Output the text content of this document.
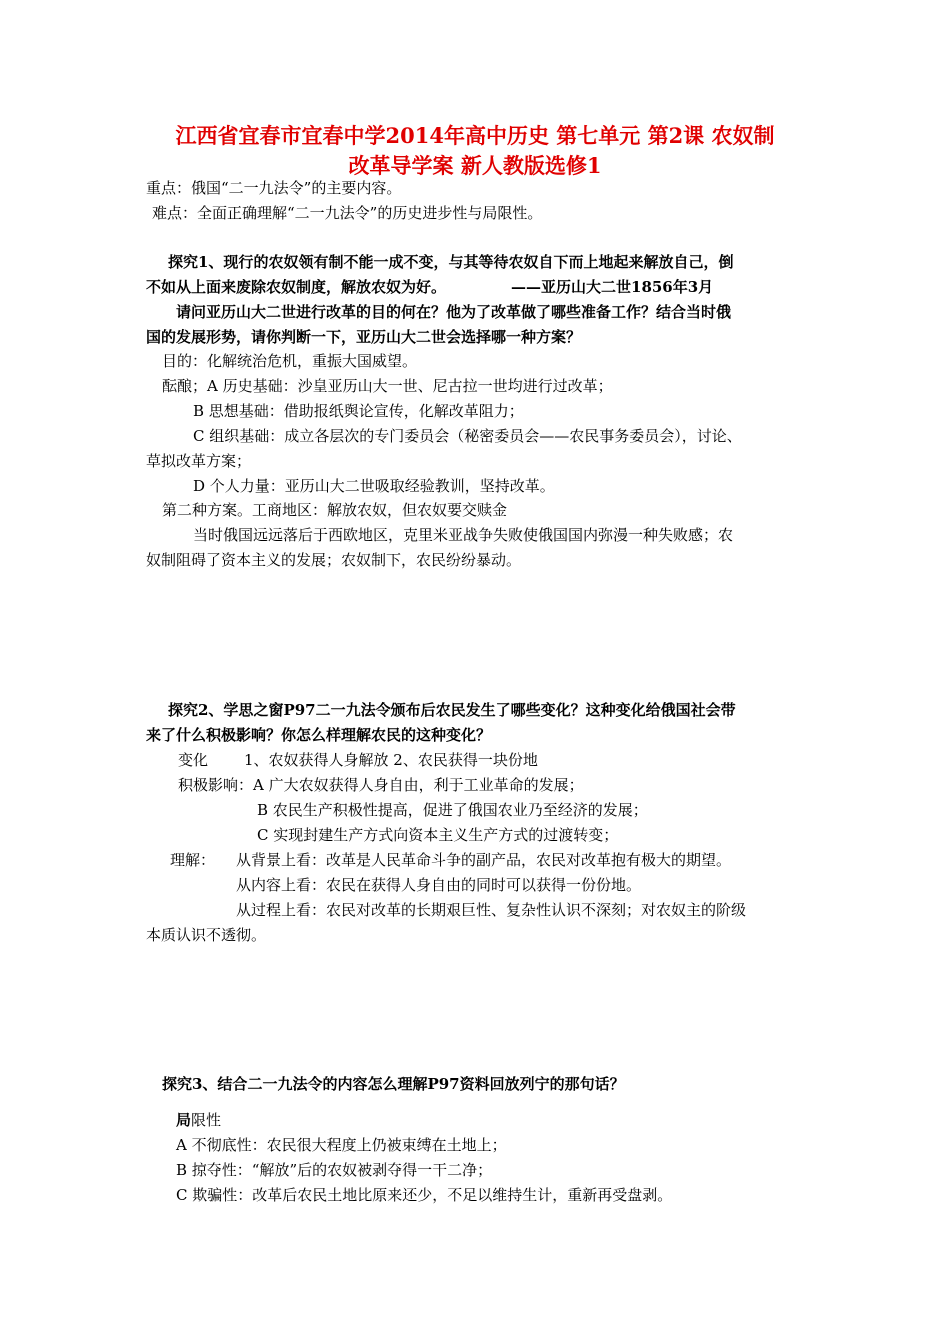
江西省宜春市宜春中学2014年高中历史 第七单元 第2课 农奴制
改革导学案 新人教版选修1
重点：俄国“二一九法令”的主要内容。
难点：全面正确理解“二一九法令”的历史进步性与局限性。
探究1、现行的农奴领有制不能一成不变，与其等待农奴自下而上地起来解放自己，倒
不如从上面来废除农奴制度，解放农奴为好。	——亚历山大二世1856年3月
请问亚历山大二世进行改革的目的何在？他为了改革做了哪些准备工作？结合当时俄
国的发展形势，请你判断一下，亚历山大二世会选择哪一种方案？
目的：化解统治危机，重振大国威望。
酝酿；A 历史基础：沙皇亚历山大一世、尼古拉一世均进行过改革；
B 思想基础：借助报纸舆论宣传，化解改革阻力；
C 组织基础：成立各层次的专门委员会（秘密委员会——农民事务委员会），讨论、
草拟改革方案；
D 个人力量：亚历山大二世吸取经验教训，坚持改革。
第二种方案。工商地区：解放农奴，但农奴要交赎金
当时俄国远远落后于西欧地区，克里米亚战争失败使俄国国内弥漫一种失败感；农
奴制阻碍了资本主义的发展；农奴制下，农民纷纷暴动。
探究2、学思之窗P97二一九法令颁布后农民发生了哪些变化？这种变化给俄国社会带
来了什么积极影响？你怎么样理解农民的这种变化？
变化 1、农奴获得人身解放 2、农民获得一块份地
积极影响：A 广大农奴获得人身自由，利于工业革命的发展；
B 农民生产积极性提高，促进了俄国农业乃至经济的发展；
C 实现封建生产方式向资本主义生产方式的过渡转变；
理解： 从背景上看：改革是人民革命斗争的副产品，农民对改革抱有极大的期望。
从内容上看：农民在获得人身自由的同时可以获得一份份地。
从过程上看：农民对改革的长期艰巨性、复杂性认识不深刻；对农奴主的阶级
本质认识不透彻。
探究3、结合二一九法令的内容怎么理解P97资料回放列宁的那句话？
局限性
A 不彻底性：农民很大程度上仍被束缚在土地上；
B 掠夺性：“解放”后的农奴被剥夺得一干二净；
C 欺骗性：改革后农民土地比原来还少，不足以维持生计，重新再受盘剥。
